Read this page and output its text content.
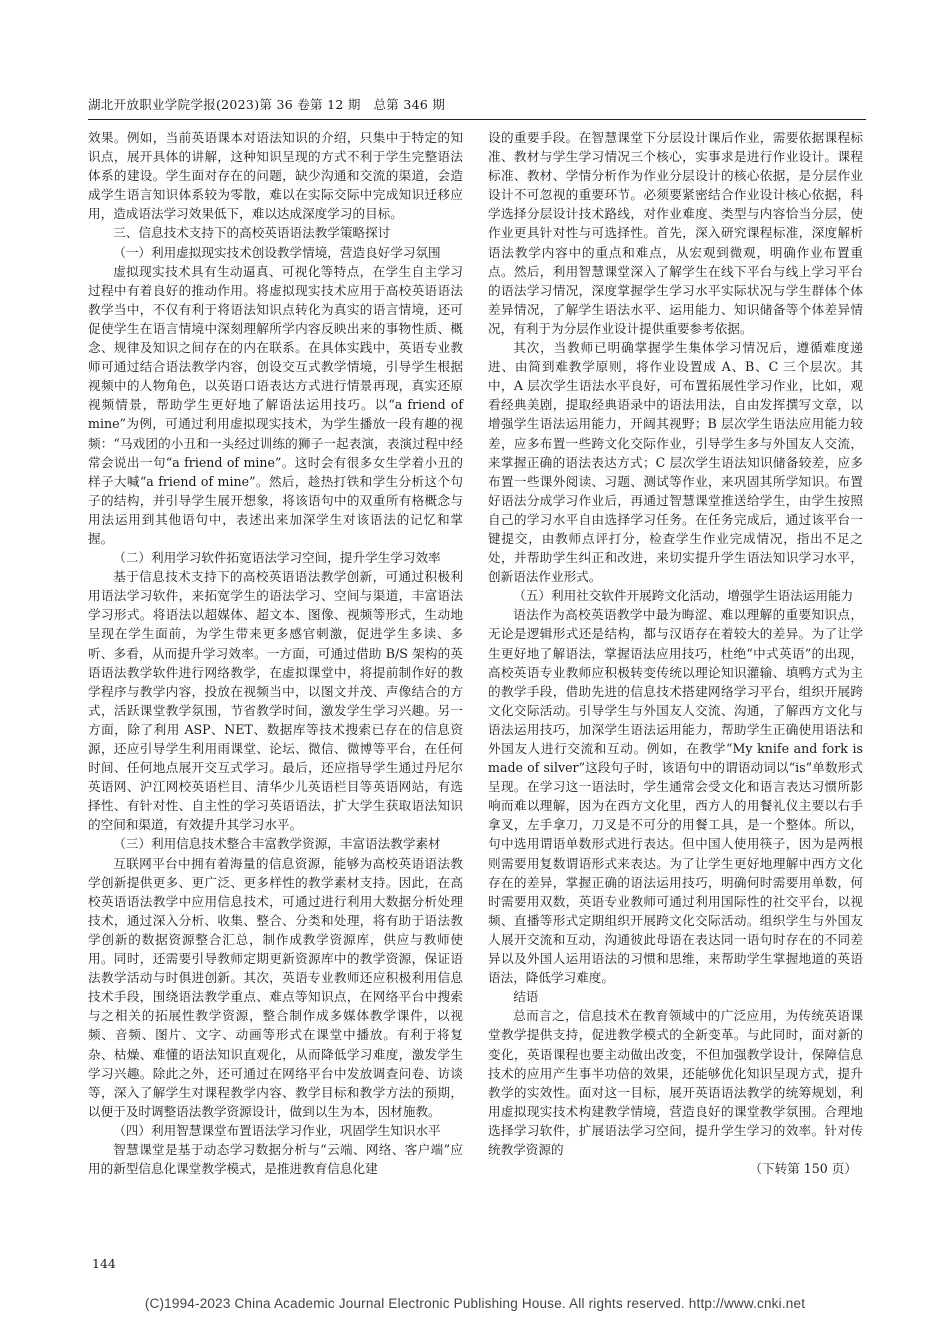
湖北开放职业学院学报(2023)第 36 卷第 12 期　总第 346 期

效果。例如，当前英语课本对语法知识的介绍，只集中于特定的知识点，展开具体的讲解，这种知识呈现的方式不利于学生完整语法体系的建设。学生面对存在的问题，缺少沟通和交流的渠道，会造成学生语言知识体系较为零散，难以在实际交际中完成知识迁移应用，造成语法学习效果低下，难以达成深度学习的目标。

三、信息技术支持下的高校英语语法教学策略探讨

（一）利用虚拟现实技术创设教学情境，营造良好学习氛围

虚拟现实技术具有生动逼真、可视化等特点，在学生自主学习过程中有着良好的推动作用。将虚拟现实技术应用于高校英语语法教学当中，不仅有利于将语法知识点转化为真实的语言情境，还可促使学生在语言情境中深刻理解所学内容反映出来的事物性质、概念、规律及知识之间存在的内在联系。在具体实践中，英语专业教师可通过结合语法教学内容，创设交互式教学情境，引导学生根据视频中的人物角色，以英语口语表达方式进行情景再现，真实还原视频情景，帮助学生更好地了解语法运用技巧。以“a friend of mine”为例，可通过利用虚拟现实技术，为学生播放一段有趣的视频：“马戏团的小丑和一头经过训练的狮子一起表演，表演过程中经常会说出一句“a friend of mine”。这时会有很多女生学着小丑的样子大喊“a friend of mine”。然后，趁热打铁和学生分析这个句子的结构，并引导学生展开想象，将该语句中的双重所有格概念与用法运用到其他语句中，表述出来加深学生对该语法的记忆和掌握。

（二）利用学习软件拓宽语法学习空间，提升学生学习效率

基于信息技术支持下的高校英语语法教学创新，可通过积极利用语法学习软件，来拓宽学生的语法学习、空间与渠道，丰富语法学习形式。将语法以超媒体、超文本、图像、视频等形式，生动地呈现在学生面前，为学生带来更多感官刺激，促进学生多读、多听、多看，从而提升学习效率。一方面，可通过借助 B/S 架构的英语语法教学软件进行网络教学，在虚拟课堂中，将提前制作好的教学程序与教学内容，投放在视频当中，以图文并茂、声像结合的方式，活跃课堂教学氛围，节省教学时间，激发学生学习兴趣。另一方面，除了利用 ASP、NET、数据库等技术搜索已存在的信息资源，还应引导学生利用雨课堂、论坛、微信、微博等平台，在任何时间、任何地点展开交互式学习。最后，还应指导学生通过丹尼尔英语网、沪江网校英语栏目、清华少儿英语栏目等英语网站，有选择性、有针对性、自主性的学习英语语法，扩大学生获取语法知识的空间和渠道，有效提升其学习水平。

（三）利用信息技术整合丰富教学资源，丰富语法教学素材

互联网平台中拥有着海量的信息资源，能够为高校英语语法教学创新提供更多、更广泛、更多样性的教学素材支持。因此，在高校英语语法教学中应用信息技术，可通过进行利用大数据分析处理技术，通过深入分析、收集、整合、分类和处理，将有助于语法教学创新的数据资源整合汇总，制作成教学资源库，供应与教师使用。同时，还需要引导教师定期更新资源库中的教学资源，保证语法教学活动与时俱进创新。其次，英语专业教师还应积极利用信息技术手段，围绕语法教学重点、难点等知识点，在网络平台中搜索与之相关的拓展性教学资源，整合制作成多媒体教学课件，以视频、音频、图片、文字、动画等形式在课堂中播放。有利于将复杂、枯燥、难懂的语法知识直观化，从而降低学习难度，激发学生学习兴趣。除此之外，还可通过在网络平台中发放调查问卷、访谈等，深入了解学生对课程教学内容、教学目标和教学方法的预期，以便于及时调整语法教学资源设计，做到以生为本，因材施教。

（四）利用智慧课堂布置语法学习作业，巩固学生知识水平

智慧课堂是基于动态学习数据分析与“云端、网络、客户端”应用的新型信息化课堂教学模式，是推进教育信息化建

设的重要手段。在智慧课堂下分层设计课后作业，需要依据课程标准、教材与学生学习情况三个核心，实事求是进行作业设计。课程标准、教材、学情分析作为作业分层设计的核心依据，是分层作业设计不可忽视的重要环节。必须要紧密结合作业设计核心依据，科学选择分层设计技术路线，对作业难度、类型与内容恰当分层，使作业更具针对性与可选择性。首先，深入研究课程标准，深度解析语法教学内容中的重点和难点，从宏观到微观，明确作业布置重点。然后，利用智慧课堂深入了解学生在线下平台与线上学习平台的语法学习情况，深度掌握学生学习水平实际状况与学生群体个体差异情况，了解学生语法水平、运用能力、知识储备等个体差异情况，有利于为分层作业设计提供重要参考依据。

其次，当教师已明确掌握学生集体学习情况后，遵循难度递进、由简到难教学原则，将作业设置成 A、B、C 三个层次。其中，A 层次学生语法水平良好，可布置拓展性学习作业，比如，观看经典美剧，提取经典语录中的语法用法，自由发挥撰写文章，以增强学生语法运用能力，开阔其视野；B 层次学生语法应用能力较差，应多布置一些跨文化交际作业，引导学生多与外国友人交流，来掌握正确的语法表达方式；C 层次学生语法知识储备较差，应多布置一些课外阅读、习题、测试等作业，来巩固其所学知识。布置好语法分成学习作业后，再通过智慧课堂推送给学生，由学生按照自己的学习水平自由选择学习任务。在任务完成后，通过该平台一键提交，由教师点评打分，检查学生作业完成情况，指出不足之处，并帮助学生纠正和改进，来切实提升学生语法知识学习水平，创新语法作业形式。

（五）利用社交软件开展跨文化活动，增强学生语法运用能力

语法作为高校英语教学中最为晦涩、难以理解的重要知识点，无论是逻辑形式还是结构，都与汉语存在着较大的差异。为了让学生更好地了解语法，掌握语法应用技巧，杜绝“中式英语”的出现，高校英语专业教师应积极转变传统以理论知识灌输、填鸭方式为主的教学手段，借助先进的信息技术搭建网络学习平台，组织开展跨文化交际活动。引导学生与外国友人交流、沟通，了解西方文化与语法运用技巧，加深学生语法运用能力，帮助学生正确使用语法和外国友人进行交流和互动。例如，在教学“My knife and fork is made of silver”这段句子时，该语句中的谓语动词以“is”单数形式呈现。在学习这一语法时，学生通常会受文化和语言表达习惯所影响而难以理解，因为在西方文化里，西方人的用餐礼仪主要以右手拿叉，左手拿刀，刀叉是不可分的用餐工具，是一个整体。所以，句中选用谓语单数形式进行表达。但中国人使用筷子，因为是两根则需要用复数谓语形式来表达。为了让学生更好地理解中西方文化存在的差异，掌握正确的语法运用技巧，明确何时需要用单数，何时需要用双数，英语专业教师可通过利用国际性的社交平台，以视频、直播等形式定期组织开展跨文化交际活动。组织学生与外国友人展开交流和互动，沟通彼此母语在表达同一语句时存在的不同差异以及外国人运用语法的习惯和思维，来帮助学生掌握地道的英语语法，降低学习难度。

结语

总而言之，信息技术在教育领域中的广泛应用，为传统英语课堂教学提供支持，促进教学模式的全新变革。与此同时，面对新的变化，英语课程也要主动做出改变，不但加强教学设计，保障信息技术的应用产生事半功倍的效果，还能够优化知识呈现方式，提升教学的实效性。面对这一目标，展开英语语法教学的统筹规划，利用虚拟现实技术构建教学情境，营造良好的课堂教学氛围。合理地选择学习软件，扩展语法学习空间，提升学生学习的效率。针对传统教学资源的

（下转第 150 页）

144
(C)1994-2023 China Academic Journal Electronic Publishing House. All rights reserved. http://www.cnki.net
